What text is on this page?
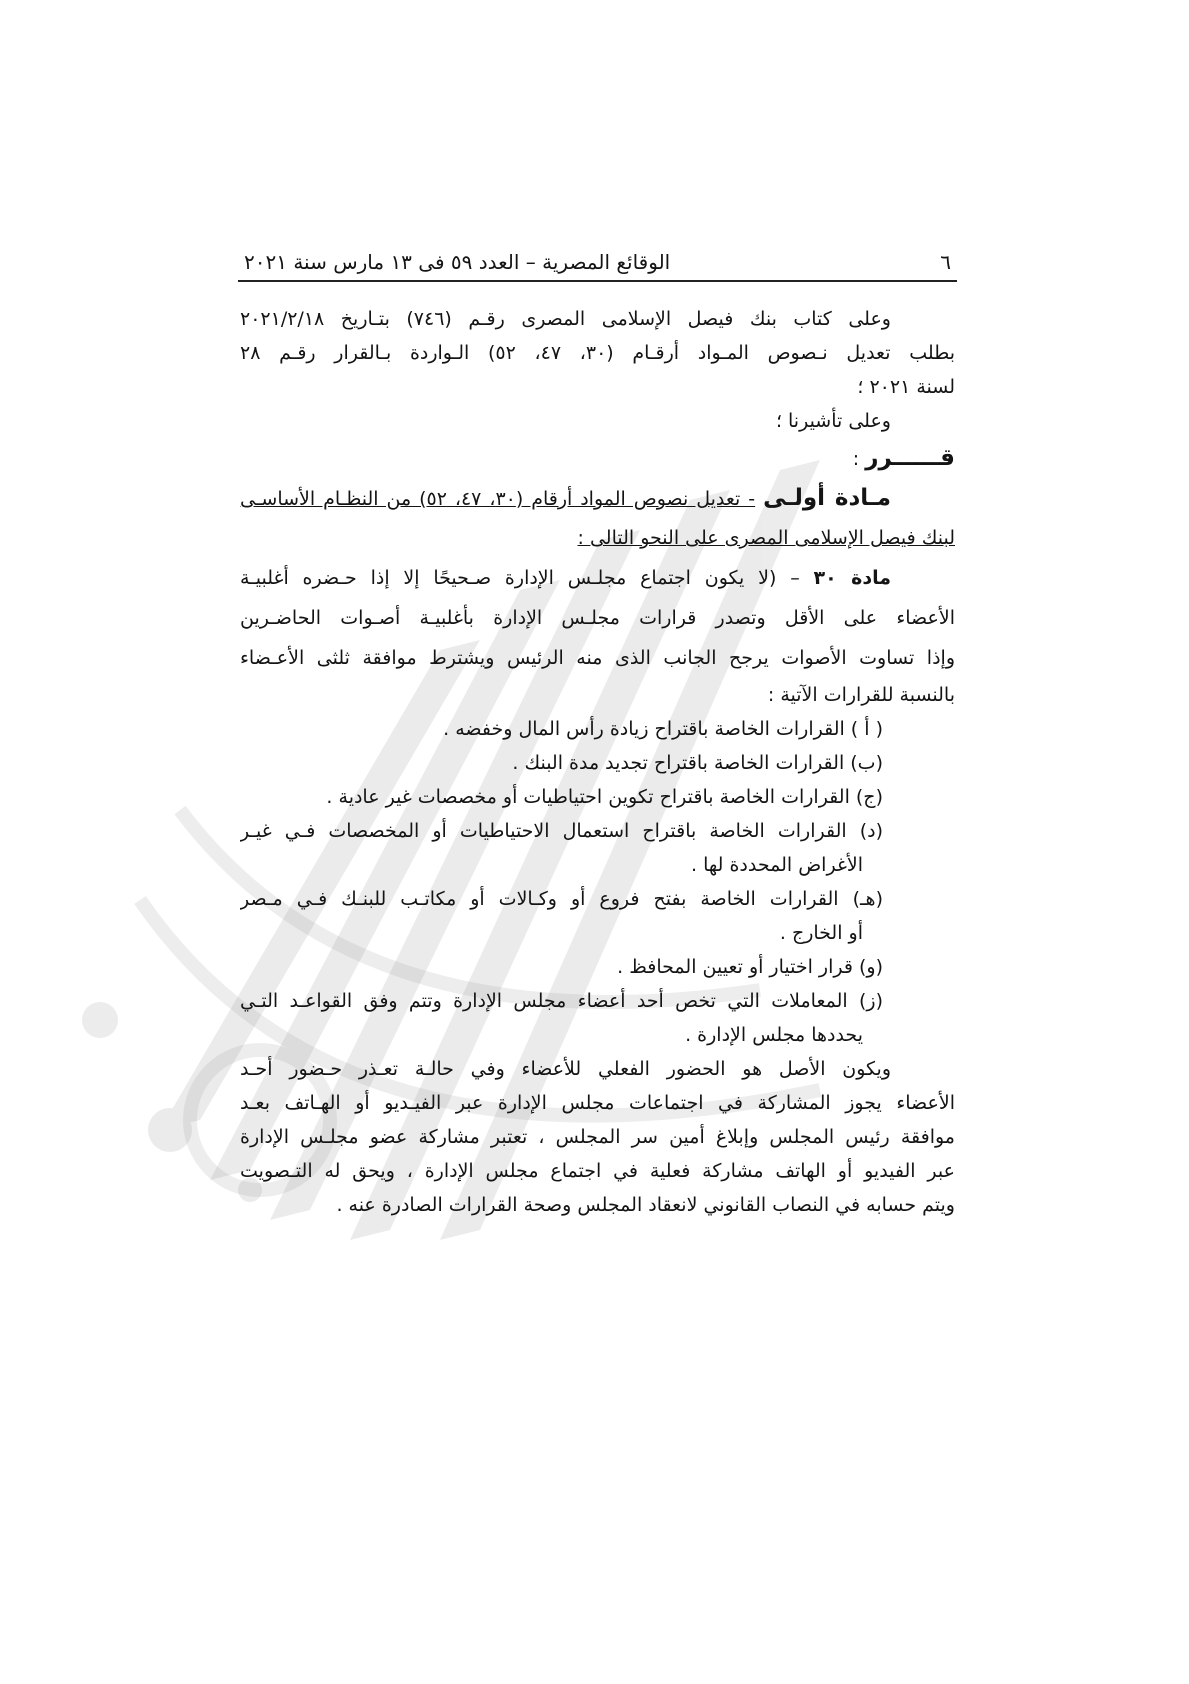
٦
الوقائع المصرية – العدد ٥٩ فى ١٣ مارس سنة ٢٠٢١
وعلى كتاب بنك فيصل الإسلامى المصرى رقـم (٧٤٦) بتـاريخ ٢٠٢١/٢/١٨
بطلب تعديل نـصوص المـواد أرقـام (٣٠، ٤٧، ٥٢) الـواردة بـالقرار رقـم ٢٨
لسنة ٢٠٢١ ؛
وعلى تأشيرنا ؛
قــــــرر :
مـادة أولـى - تعديل نصوص المواد أرقام (٣٠، ٤٧، ٥٢) من النظـام الأساسـى
لبنك فيصل الإسلامى المصرى على النحو التالى :
مادة ٣٠ – (لا يكون اجتماع مجلـس الإدارة صـحيحًا إلا إذا حـضره أغلبيـة
الأعضاء على الأقل وتصدر قرارات مجلـس الإدارة بأغلبيـة أصـوات الحاضـرين
وإذا تساوت الأصوات يرجح الجانب الذى منه الرئيس ويشترط موافقة ثلثى الأعـضاء
بالنسبة للقرارات الآتية :
( أ ) القرارات الخاصة باقتراح زيادة رأس المال وخفضه .
(ب) القرارات الخاصة باقتراح تجديد مدة البنك .
(ج) القرارات الخاصة باقتراح تكوين احتياطيات أو مخصصات غير عادية .
(د) القرارات الخاصة باقتراح استعمال الاحتياطيات أو المخصصات فـي غيـر
الأغراض المحددة لها .
(هـ) القرارات الخاصة بفتح فروع أو وكـالات أو مكاتـب للبنـك فـي مـصر
أو الخارج .
(و) قرار اختيار أو تعيين المحافظ .
(ز) المعاملات التي تخص أحد أعضاء مجلس الإدارة وتتم وفق القواعـد التـي
يحددها مجلس الإدارة .
ويكون الأصل هو الحضور الفعلي للأعضاء وفي حالـة تعـذر حـضور أحـد
الأعضاء يجوز المشاركة في اجتماعات مجلس الإدارة عبر الفيـديو أو الهـاتف بعـد
موافقة رئيس المجلس وإبلاغ أمين سر المجلس ، تعتبر مشاركة عضو مجلـس الإدارة
عبر الفيديو أو الهاتف مشاركة فعلية في اجتماع مجلس الإدارة ، ويحق له التـصويت
ويتم حسابه في النصاب القانوني لانعقاد المجلس وصحة القرارات الصادرة عنه .
